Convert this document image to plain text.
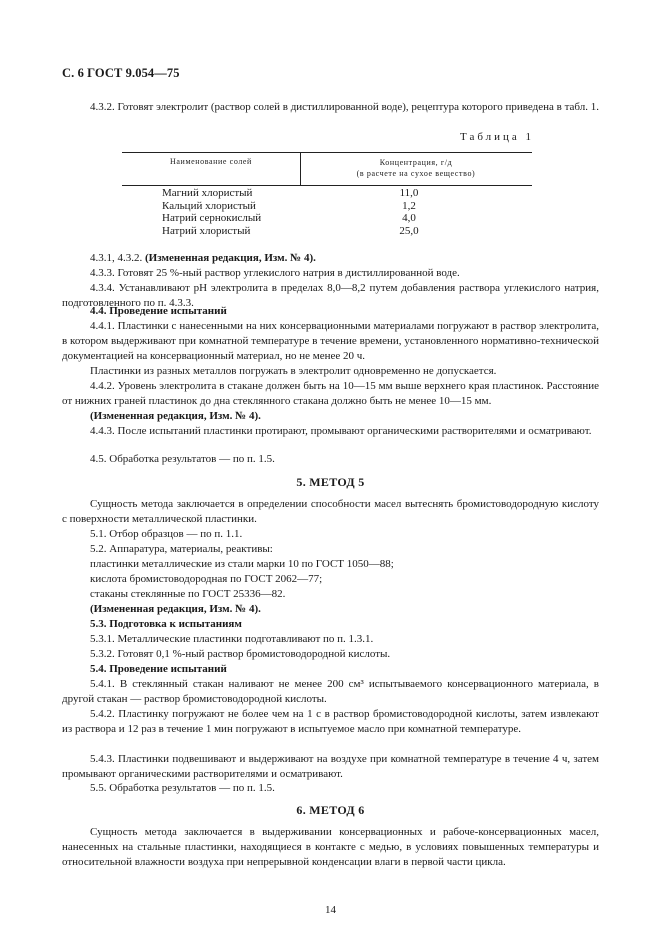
С. 6 ГОСТ 9.054—75
4.3.2. Готовят электролит (раствор солей в дистиллированной воде), рецептура которого приведена в табл. 1.
Таблица 1
Наименование солей	Концентрация, г/д
(в расчете на сухое вещество)
Магний хлористый	11,0
Кальций хлористый	1,2
Натрий сернокислый	4,0
Натрий хлористый	25,0
4.3.1, 4.3.2. (Измененная редакция, Изм. № 4).
4.3.3. Готовят 25 %-ный раствор углекислого натрия в дистиллированной воде.
4.3.4. Устанавливают pH электролита в пределах 8,0—8,2 путем добавления раствора углекислого натрия, подготовленного по п. 4.3.3.
4.4. Проведение испытаний
4.4.1. Пластинки с нанесенными на них консервационными материалами погружают в раствор электролита, в котором выдерживают при комнатной температуре в течение времени, установленного нормативно-технической документацией на консервационный материал, но не менее 20 ч.
Пластинки из разных металлов погружать в электролит одновременно не допускается.
4.4.2. Уровень электролита в стакане должен быть на 10—15 мм выше верхнего края пластинок. Расстояние от нижних граней пластинок до дна стеклянного стакана должно быть не менее 10—15 мм.
(Измененная редакция, Изм. № 4).
4.4.3. После испытаний пластинки протирают, промывают органическими растворителями и осматривают.
4.5. Обработка результатов — по п. 1.5.
5. МЕТОД 5
Сущность метода заключается в определении способности масел вытеснять бромистоводородную кислоту с поверхности металлической пластинки.
5.1. Отбор образцов — по п. 1.1.
5.2. Аппаратура, материалы, реактивы:
пластинки металлические из стали марки 10 по ГОСТ 1050—88;
кислота бромистоводородная по ГОСТ 2062—77;
стаканы стеклянные по ГОСТ 25336—82.
(Измененная редакция, Изм. № 4).
5.3. Подготовка к испытаниям
5.3.1. Металлические пластинки подготавливают по п. 1.3.1.
5.3.2. Готовят 0,1 %-ный раствор бромистоводородной кислоты.
5.4. Проведение испытаний
5.4.1. В стеклянный стакан наливают не менее 200 см³ испытываемого консервационного материала, в другой стакан — раствор бромистоводородной кислоты.
5.4.2. Пластинку погружают не более чем на 1 с в раствор бромистоводородной кислоты, затем извлекают из раствора и 12 раз в течение 1 мин погружают в испытуемое масло при комнатной температуре.
5.4.3. Пластинки подвешивают и выдерживают на воздухе при комнатной температуре в течение 4 ч, затем промывают органическими растворителями и осматривают.
5.5. Обработка результатов — по п. 1.5.
6. МЕТОД 6
Сущность метода заключается в выдерживании консервационных и рабоче-консервационных масел, нанесенных на стальные пластинки, находящиеся в контакте с медью, в условиях повышенных температуры и относительной влажности воздуха при непрерывной конденсации влаги в первой части цикла.
14
